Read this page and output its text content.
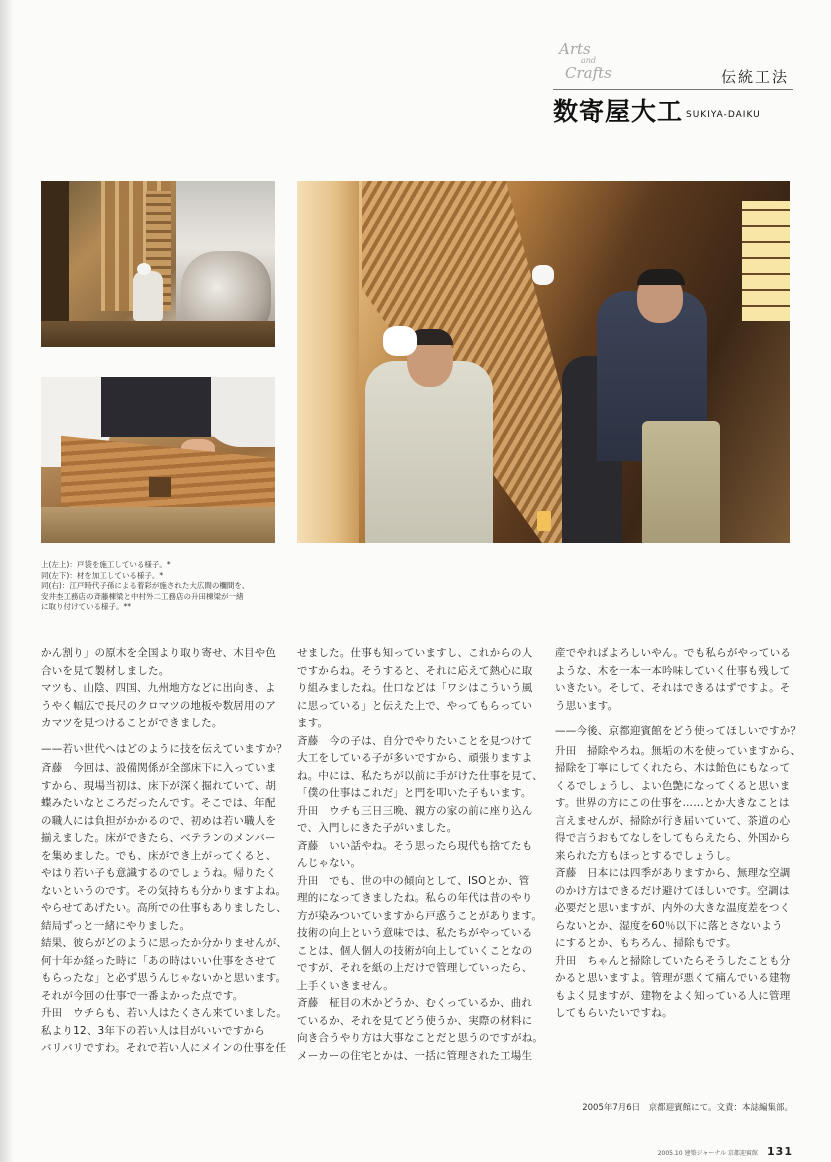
Arts
and
Crafts	伝統工法
数寄屋大工 SUKIYA-DAIKU
上(左上)：戸袋を施工している様子。*
同(左下)：材を加工している様子。*
同(右)：江戸時代子孫による着彩が施された大広間の欄間を、
安井杢工務店の斉藤棟梁と中村外二工務店の升田棟梁が一緒
に取り付けている様子。**

かん割り」の原木を全国より取り寄せ、木目や色

合いを見て製材しました。

マツも、山陰、四国、九州地方などに出向き、よ

うやく幅広で長尺のクロマツの地板や数居用のア

カマツを見つけることができました。

——若い世代へはどのように技を伝えていますか？

斉藤　今回は、設備関係が全部床下に入っていま

すから、現場当初は、床下が深く掘れていて、胡

蝶みたいなところだったんです。そこでは、年配

の職人には負担がかかるので、初めは若い職人を

揃えました。床ができたら、ベテランのメンバー

を集めました。でも、床ができ上がってくると、

やはり若い子も意識するのでしょうね。帰りたく

ないというのです。その気持ちも分かりますよね。

やらせてあげたい。高所での仕事もありましたし、

結局ずっと一緒にやりました。

結果、彼らがどのように思ったか分かりませんが、

何十年か経った時に「あの時はいい仕事をさせて

もらったな」と必ず思うんじゃないかと思います。

それが今回の仕事で一番よかった点です。

升田　ウチらも、若い人はたくさん来ていました。

私より12、3年下の若い人は目がいいですから

バリバリですわ。それで若い人にメインの仕事を任

せました。仕事も知っていますし、これからの人

ですからね。そうすると、それに応えて熱心に取

り組みましたね。仕口などは「ワシはこういう風

に思っている」と伝えた上で、やってもらってい

ます。

斉藤　今の子は、自分でやりたいことを見つけて

大工をしている子が多いですから、頑張りますよ

ね。中には、私たちが以前に手がけた仕事を見て、

「僕の仕事はこれだ」と門を叩いた子もいます。

升田　ウチも三日三晩、親方の家の前に座り込ん

で、入門しにきた子がいました。

斉藤　いい話やね。そう思ったら現代も捨てたも

んじゃない。

升田　でも、世の中の傾向として、ISOとか、管

理的になってきましたね。私らの年代は昔のやり

方が染みついていますから戸惑うことがあります。

技術の向上という意味では、私たちがやっている

ことは、個人個人の技術が向上していくことなの

ですが、それを紙の上だけで管理していったら、

上手くいきません。

斉藤　柾目の木かどうか、むくっているか、曲れ

ているか、それを見てどう使うか、実際の材料に

向き合うやり方は大事なことだと思うのですがね。

メーカーの住宅とかは、一括に管理された工場生

産でやればよろしいやん。でも私らがやっている

ような、木を一本一本吟味していく仕事も残して

いきたい。そして、それはできるはずですよ。そ

う思います。

——今後、京都迎賓館をどう使ってほしいですか？

升田　掃除やろね。無垢の木を使っていますから、

掃除を丁寧にしてくれたら、木は飴色にもなって

くるでしょうし、よい色艶になってくると思いま

す。世界の方にこの仕事を……とか大きなことは

言えませんが、掃除が行き届いていて、茶道の心

得で言うおもてなしをしてもらえたら、外国から

来られた方もほっとするでしょうし。

斉藤　日本には四季がありますから、無理な空調

のかけ方はできるだけ避けてほしいです。空調は

必要だと思いますが、内外の大きな温度差をつく

らないとか、湿度を60％以下に落とさないよう

にするとか、もちろん、掃除もです。

升田　ちゃんと掃除していたらそうしたことも分

かると思いますよ。管理が悪くて痛んでいる建物

もよく見ますが、建物をよく知っている人に管理

してもらいたいですね。

2005年7月6日　京都迎賓館にて。文責：本誌編集部。
2005.10 建築ジャーナル 京都迎賓館 131
